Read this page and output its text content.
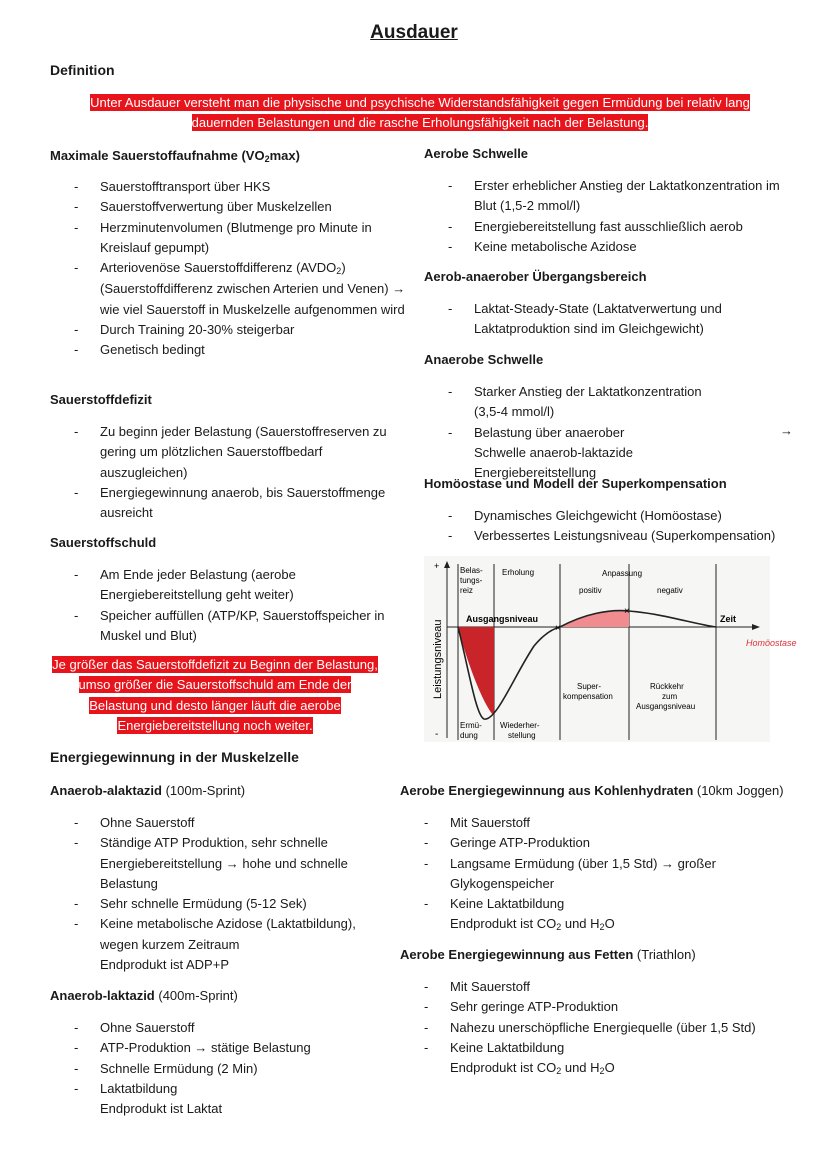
Ausdauer
Definition
Unter Ausdauer versteht man die physische und psychische Widerstandsfähigkeit gegen Ermüdung bei relativ lang
dauernden Belastungen und die rasche Erholungsfähigkeit nach der Belastung.
Maximale Sauerstoffaufnahme (VO2max)
- Sauerstofftransport über HKS
- Sauerstoffverwertung über Muskelzellen
- Herzminutenvolumen (Blutmenge pro Minute in Kreislauf gepumpt)
- Arteriovenöse Sauerstoffdifferenz (AVDO2) (Sauerstoffdifferenz zwischen Arterien und Venen) → wie viel Sauerstoff in Muskelzelle aufgenommen wird
- Durch Training 20-30% steigerbar
- Genetisch bedingt
Sauerstoffdefizit
- Zu beginn jeder Belastung (Sauerstoffreserven zu gering um plötzlichen Sauerstoffbedarf auszugleichen)
- Energiegewinnung anaerob, bis Sauerstoffmenge ausreicht
Sauerstoffschuld
- Am Ende jeder Belastung (aerobe Energiebereitstellung geht weiter)
- Speicher auffüllen (ATP/KP, Sauerstoffspeicher in Muskel und Blut)
Je größer das Sauerstoffdefizit zu Beginn der Belastung,
umso größer die Sauerstoffschuld am Ende der
Belastung und desto länger läuft die aerobe
Energiebereitstellung noch weiter.
Aerobe Schwelle
- Erster erheblicher Anstieg der Laktatkonzentration im Blut (1,5-2 mmol/l)
- Energiebereitstellung fast ausschließlich aerob
- Keine metabolische Azidose
Aerob-anaerober Übergangsbereich
- Laktat-Steady-State (Laktatverwertung und Laktatproduktion sind im Gleichgewicht)
Anaerobe Schwelle
- Starker Anstieg der Laktatkonzentration (3,5-4 mmol/l)
- Belastung über anaerober Schwelle anaerob-laktazide Energiebereitstellung
→
Homöostase und Modell der Superkompensation
- Dynamisches Gleichgewicht (Homöostase)
- Verbessertes Leistungsniveau (Superkompensation)
+
-
Leistungsniveau	×
×
Belas-
tungs-
reiz
Erholung	Anpassung
positiv	negativ
Ausgangsniveau	Zeit
Homöostase
Super-
kompensation
Rückkehr
zum
Ausgangsniveau
Ermü-
dung
Wiederher-
stellung
Energiegewinnung in der Muskelzelle
Anaerob-alaktazid (100m-Sprint)
- Ohne Sauerstoff
- Ständige ATP Produktion, sehr schnelle Energiebereitstellung → hohe und schnelle Belastung
- Sehr schnelle Ermüdung (5-12 Sek)
- Keine metabolische Azidose (Laktatbildung), wegen kurzem Zeitraum
Endprodukt ist ADP+P
Anaerob-laktazid (400m-Sprint)
- Ohne Sauerstoff
- ATP-Produktion → stätige Belastung
- Schnelle Ermüdung (2 Min)
- Laktatbildung
Endprodukt ist Laktat
Aerobe Energiegewinnung aus Kohlenhydraten (10km Joggen)
- Mit Sauerstoff
- Geringe ATP-Produktion
- Langsame Ermüdung (über 1,5 Std) → großer Glykogenspeicher
- Keine Laktatbildung
Endprodukt ist CO2 und H2O
Aerobe Energiegewinnung aus Fetten (Triathlon)
- Mit Sauerstoff
- Sehr geringe ATP-Produktion
- Nahezu unerschöpfliche Energiequelle (über 1,5 Std)
- Keine Laktatbildung
Endprodukt ist CO2 und H2O
